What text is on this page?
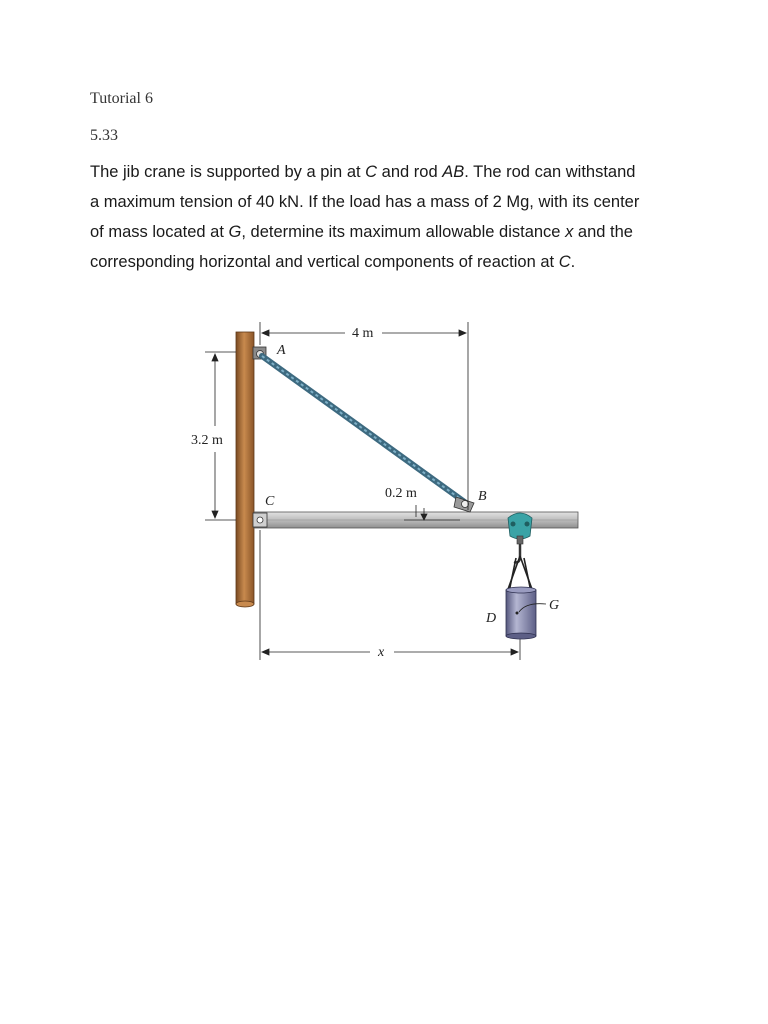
Tutorial 6
5.33

The jib crane is supported by a pin at C and rod AB. The rod can withstand

a maximum tension of 40 kN. If the load has a mass of 2 Mg, with its center

of mass located at G, determine its maximum allowable distance x and the

corresponding horizontal and vertical components of reaction at C.

4 m
3.2 m
0.2 m
x
A
B
C
D
G
